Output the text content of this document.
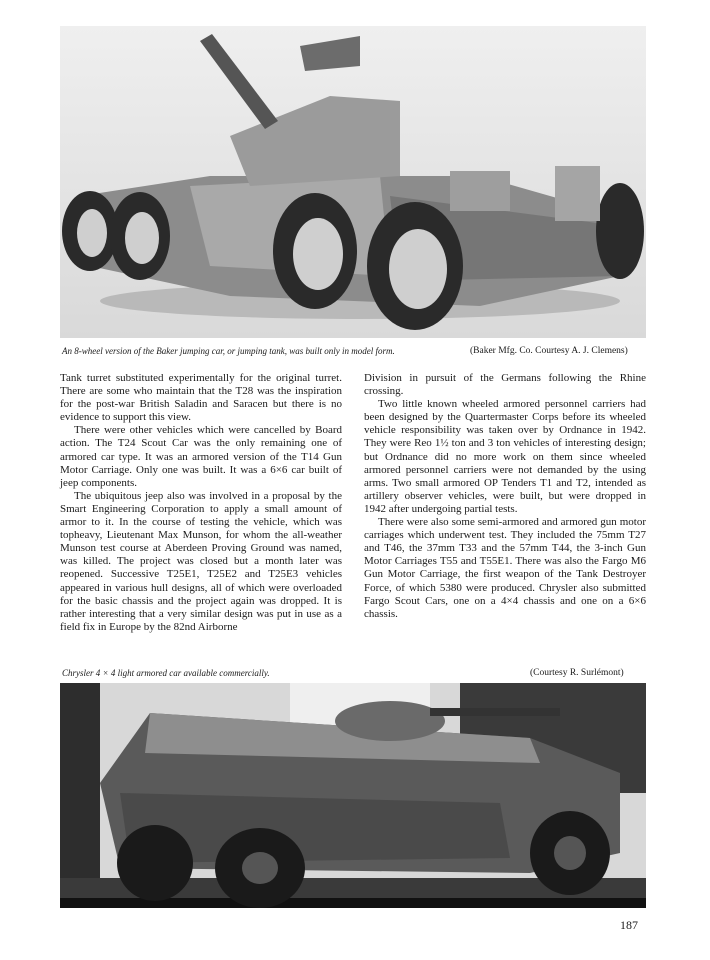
An 8-wheel version of the Baker jumping car, or jumping tank, was built only in model form.	(Baker Mfg. Co. Courtesy A. J. Clemens)

Tank turret substituted experimentally for the original turret. There are some who maintain that the T28 was the inspiration for the post-war British Saladin and Saracen but there is no evidence to support this view.

There were other vehicles which were cancelled by Board action. The T24 Scout Car was the only remaining one of armored car type. It was an armored version of the T14 Gun Motor Carriage. Only one was built. It was a 6×6 car built of jeep components.

The ubiquitous jeep also was involved in a proposal by the Smart Engineering Corporation to apply a small amount of armor to it. In the course of testing the vehicle, which was topheavy, Lieutenant Max Munson, for whom the all-weather Munson test course at Aberdeen Proving Ground was named, was killed. The project was closed but a month later was reopened. Successive T25E1, T25E2 and T25E3 vehicles appeared in various hull designs, all of which were overloaded for the basic chassis and the project again was dropped. It is rather interesting that a very similar design was put in use as a field fix in Europe by the 82nd Airborne

Division in pursuit of the Germans following the Rhine crossing.

Two little known wheeled armored personnel carriers had been designed by the Quartermaster Corps before its wheeled vehicle responsibility was taken over by Ordnance in 1942. They were Reo 1½ ton and 3 ton vehicles of interesting design; but Ordnance did no more work on them since wheeled armored personnel carriers were not demanded by the using arms. Two small armored OP Tenders T1 and T2, intended as artillery observer vehicles, were built, but were dropped in 1942 after undergoing partial tests.

There were also some semi-armored and armored gun motor carriages which underwent test. They included the 75mm T27 and T46, the 37mm T33 and the 57mm T44, the 3-inch Gun Motor Carriages T55 and T55E1. There was also the Fargo M6 Gun Motor Carriage, the first weapon of the Tank Destroyer Force, of which 5380 were produced. Chrysler also submitted Fargo Scout Cars, one on a 4×4 chassis and one on a 6×6 chassis.

Chrysler 4 × 4 light armored car available commercially.	(Courtesy R. Surlémont)
187
